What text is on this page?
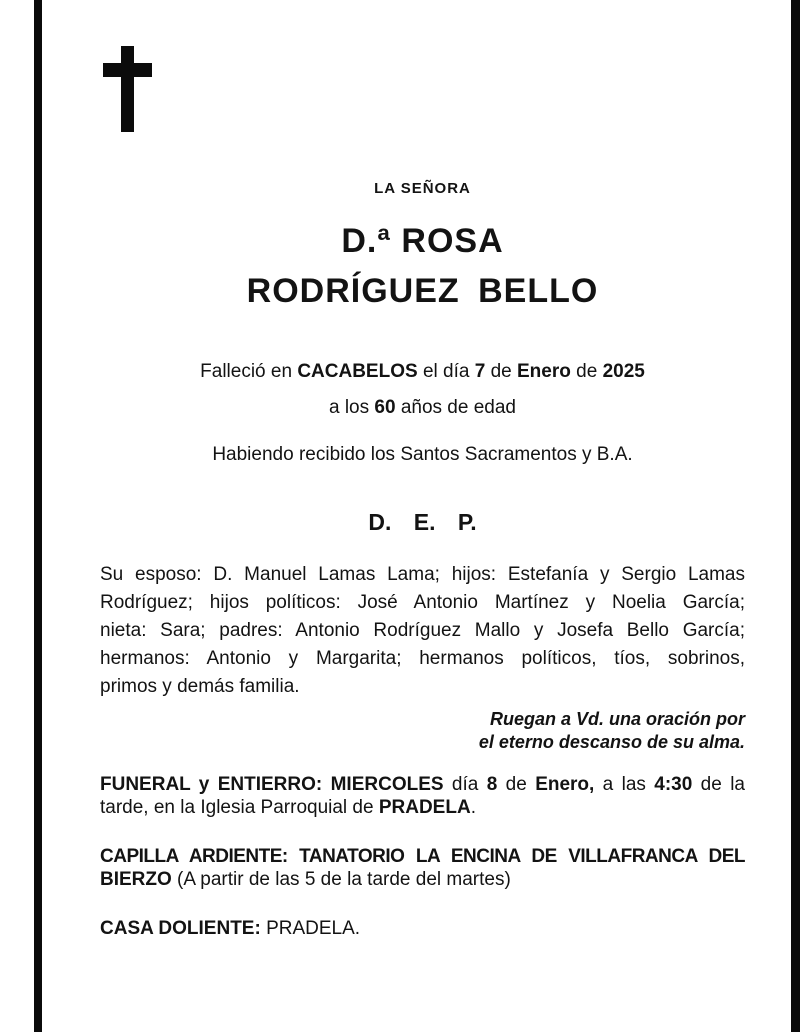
LA SEÑORA
D.ª ROSA
RODRÍGUEZ BELLO
Falleció en CACABELOS el día 7 de Enero de 2025
a los 60 años de edad
Habiendo recibido los Santos Sacramentos y B.A.
D. E. P.
Su esposo: D. Manuel Lamas Lama; hijos: Estefanía y Sergio Lamas
Rodríguez; hijos políticos: José Antonio Martínez y Noelia García;
nieta: Sara; padres: Antonio Rodríguez Mallo y Josefa Bello García;
hermanos: Antonio y Margarita; hermanos políticos, tíos, sobrinos,
primos y demás familia.
Ruegan a Vd. una oración por
el eterno descanso de su alma.
FUNERAL y ENTIERRO: MIERCOLES día 8 de Enero, a las 4:30 de la
tarde, en la Iglesia Parroquial de PRADELA.
CAPILLA ARDIENTE: TANATORIO LA ENCINA DE VILLAFRANCA DEL
BIERZO (A partir de las 5 de la tarde del martes)
CASA DOLIENTE: PRADELA.
